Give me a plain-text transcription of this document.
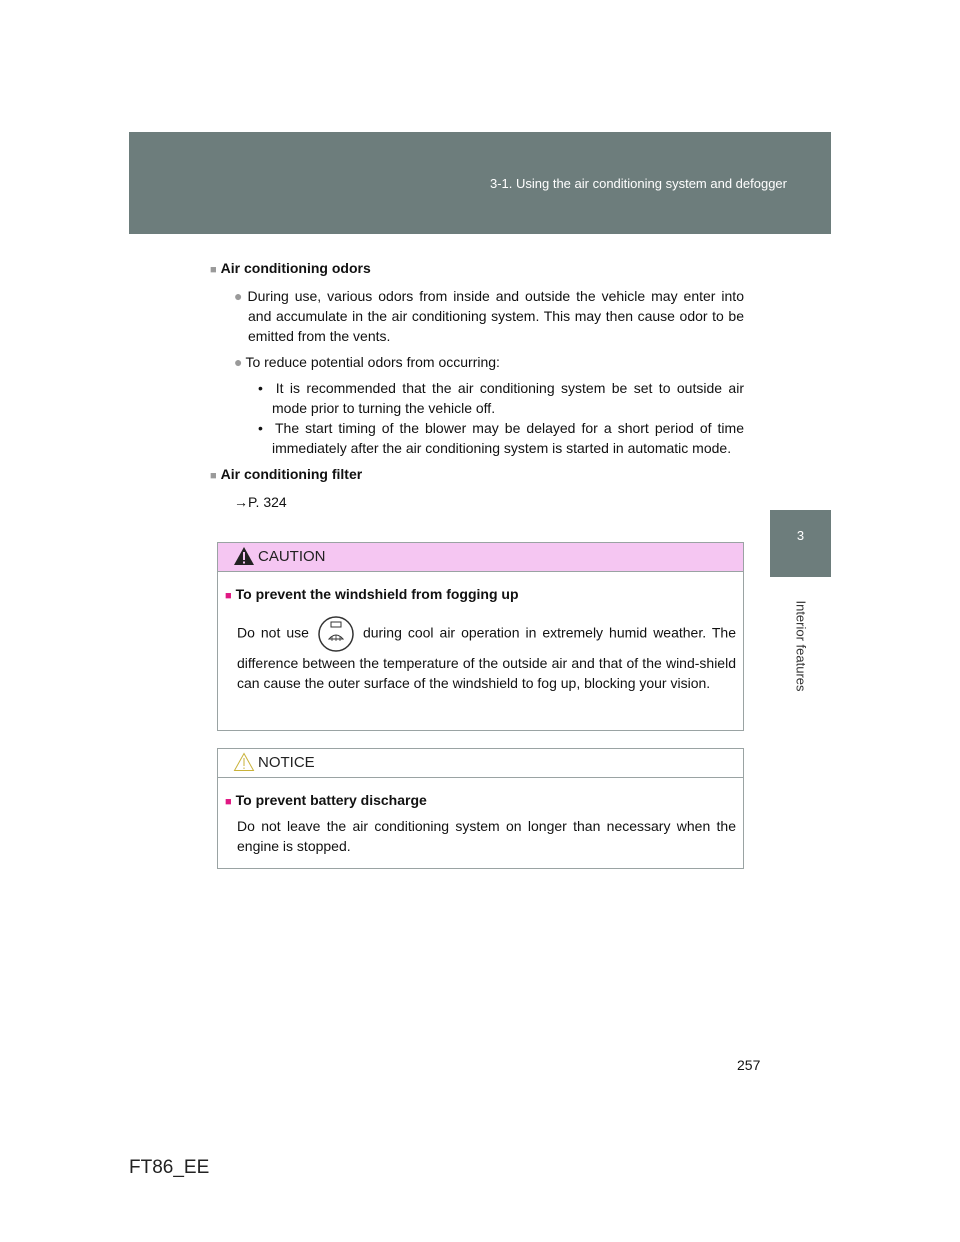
3-1. Using the air conditioning system and defogger
3
Interior features
■ Air conditioning odors
● During use, various odors from inside and outside the vehicle may enter into and accumulate in the air conditioning system. This may then cause odor to be emitted from the vents.
● To reduce potential odors from occurring:
•  It is recommended that the air conditioning system be set to outside air mode prior to turning the vehicle off.
•  The start timing of the blower may be delayed for a short period of time immediately after the air conditioning system is started in automatic mode.
■ Air conditioning filter
→P. 324
CAUTION
■ To prevent the windshield from fogging up
Do not use	during cool air operation in extremely humid weather. The difference between the temperature of the outside air and that of the wind-shield can cause the outer surface of the windshield to fog up, blocking your vision.
NOTICE
■ To prevent battery discharge
Do not leave the air conditioning system on longer than necessary when the engine is stopped.
257
FT86_EE
